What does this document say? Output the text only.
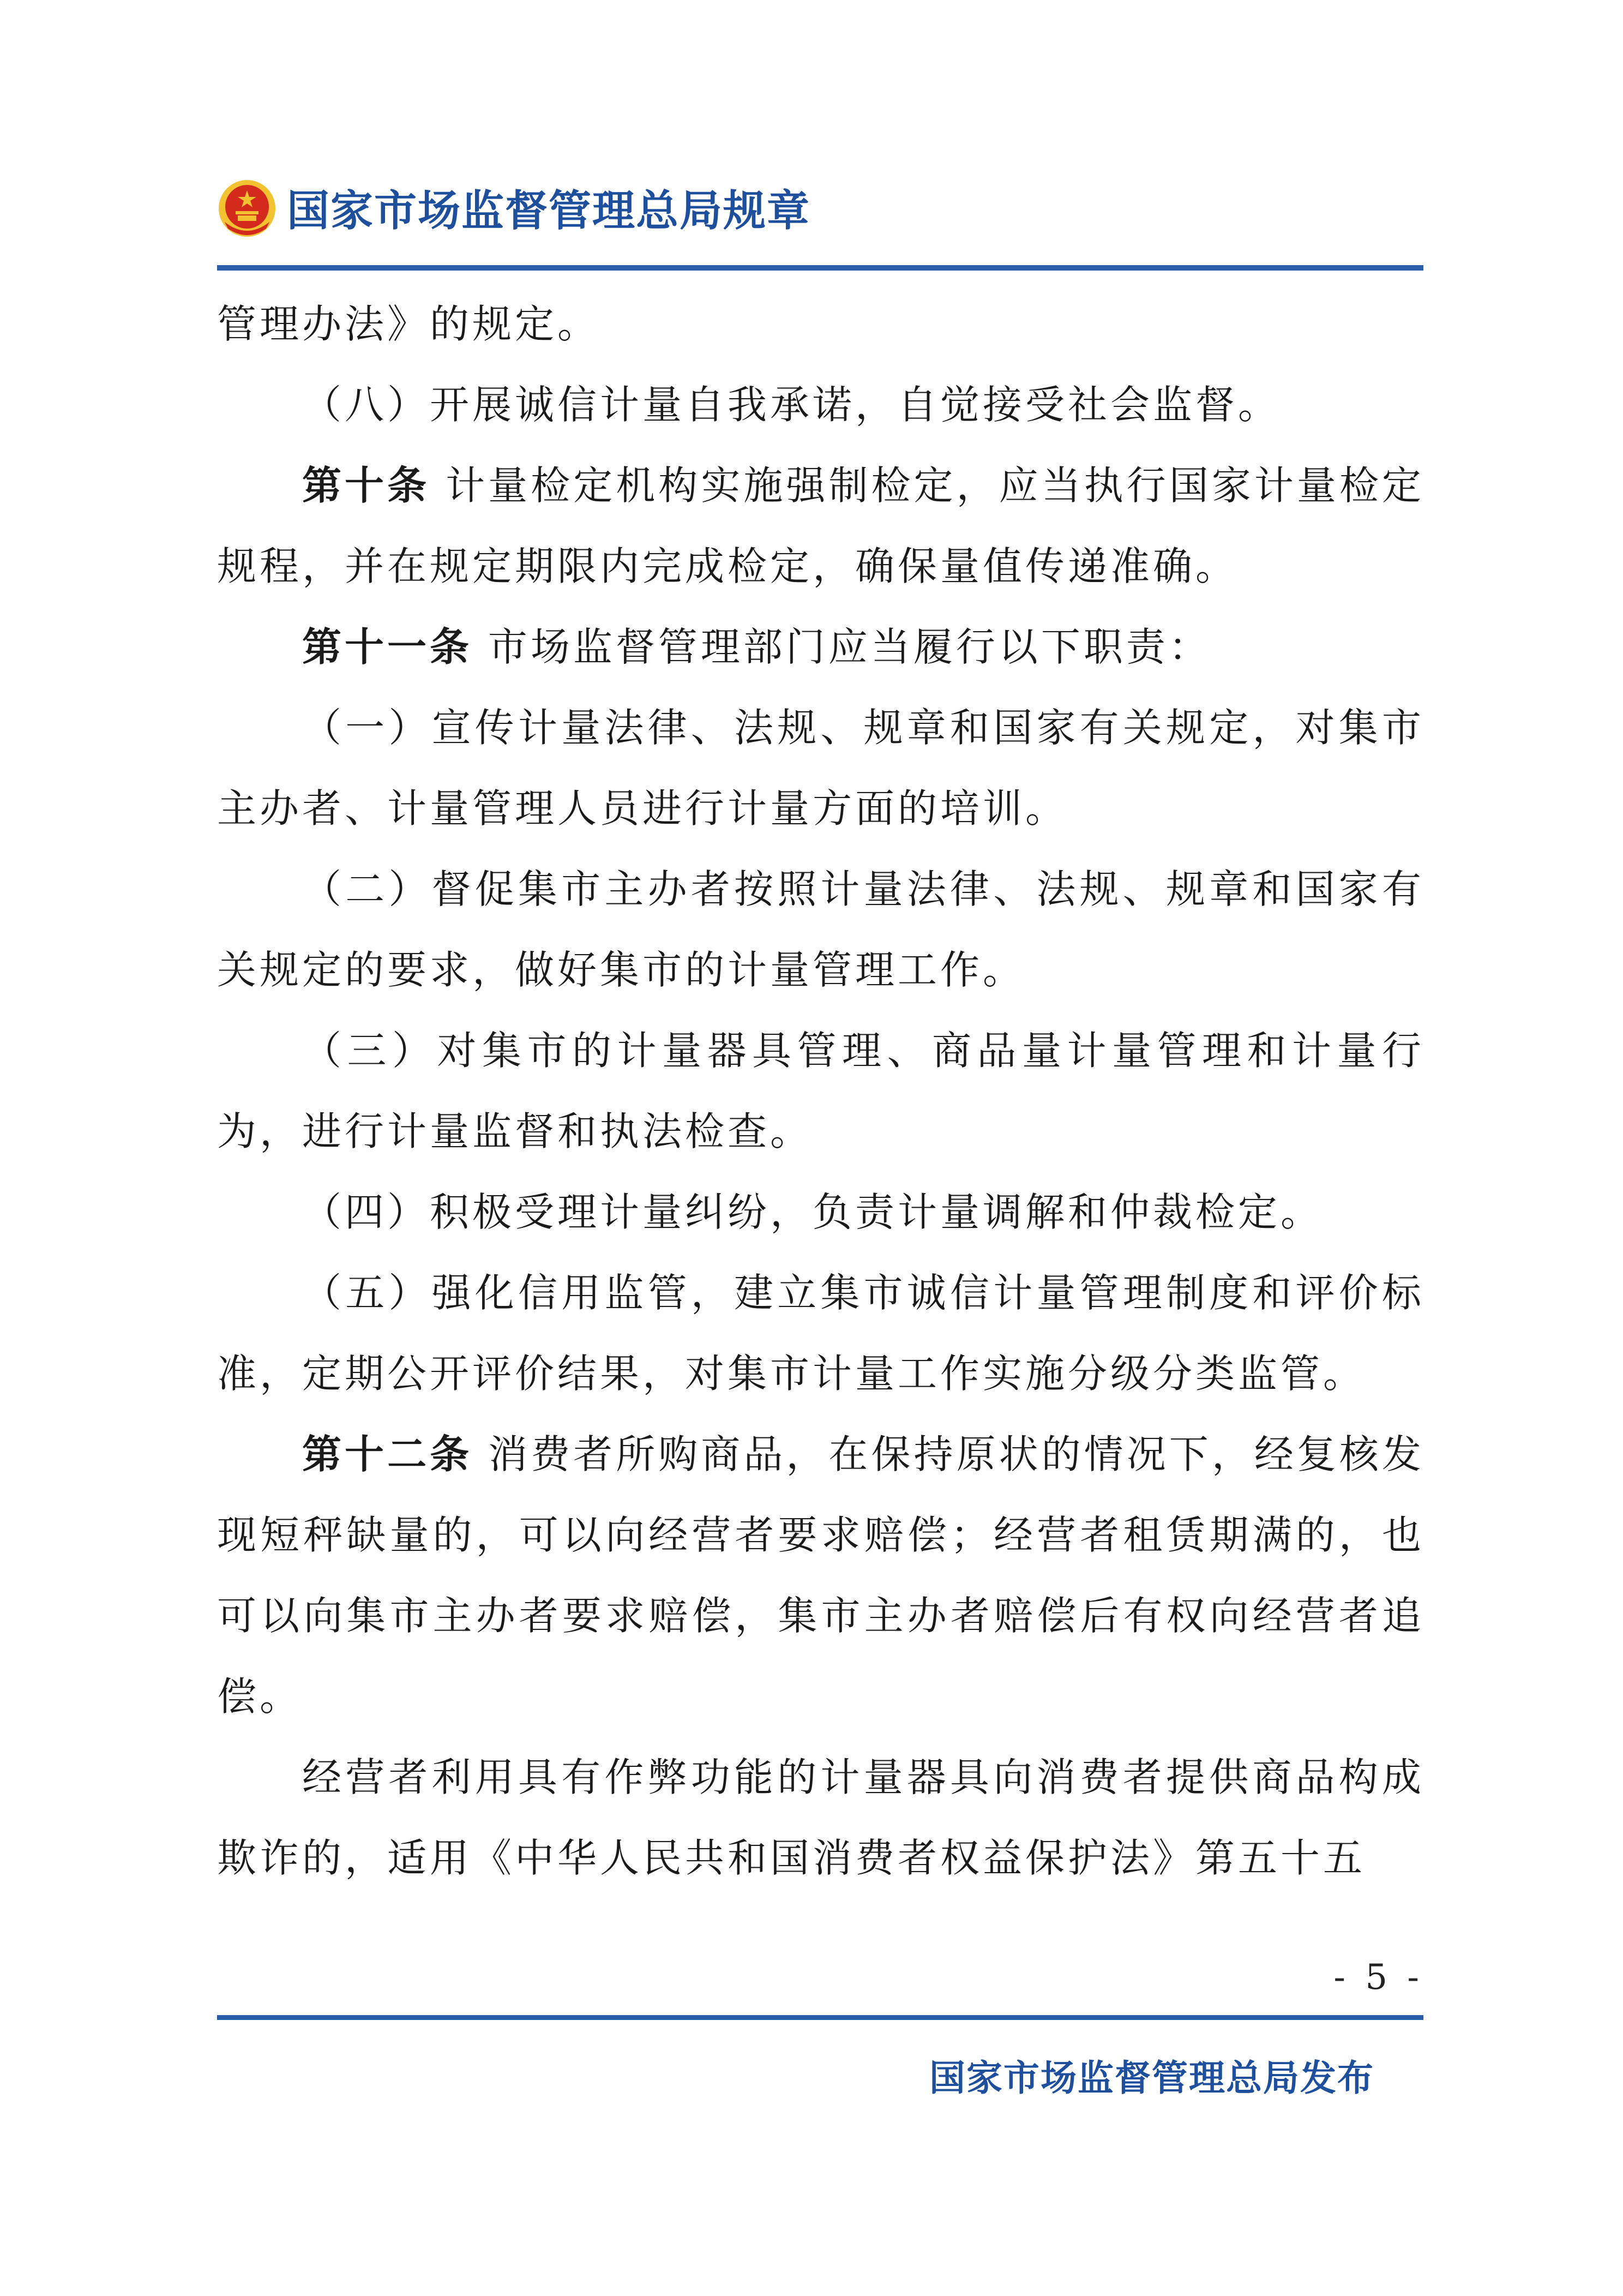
国家市场监督管理总局规章

管理办法》的规定。

（八）开展诚信计量自我承诺，自觉接受社会监督。

第十条 计量检定机构实施强制检定，应当执行国家计量检定规程，并在规定期限内完成检定，确保量值传递准确。

第十一条 市场监督管理部门应当履行以下职责：

（一）宣传计量法律、法规、规章和国家有关规定，对集市主办者、计量管理人员进行计量方面的培训。

（二）督促集市主办者按照计量法律、法规、规章和国家有关规定的要求，做好集市的计量管理工作。

（三）对集市的计量器具管理、商品量计量管理和计量行为，进行计量监督和执法检查。

（四）积极受理计量纠纷，负责计量调解和仲裁检定。

（五）强化信用监管，建立集市诚信计量管理制度和评价标准，定期公开评价结果，对集市计量工作实施分级分类监管。

第十二条 消费者所购商品，在保持原状的情况下，经复核发现短秤缺量的，可以向经营者要求赔偿；经营者租赁期满的，也可以向集市主办者要求赔偿，集市主办者赔偿后有权向经营者追偿。

经营者利用具有作弊功能的计量器具向消费者提供商品构成欺诈的，适用《中华人民共和国消费者权益保护法》第五十五

- 5 -
国家市场监督管理总局发布
